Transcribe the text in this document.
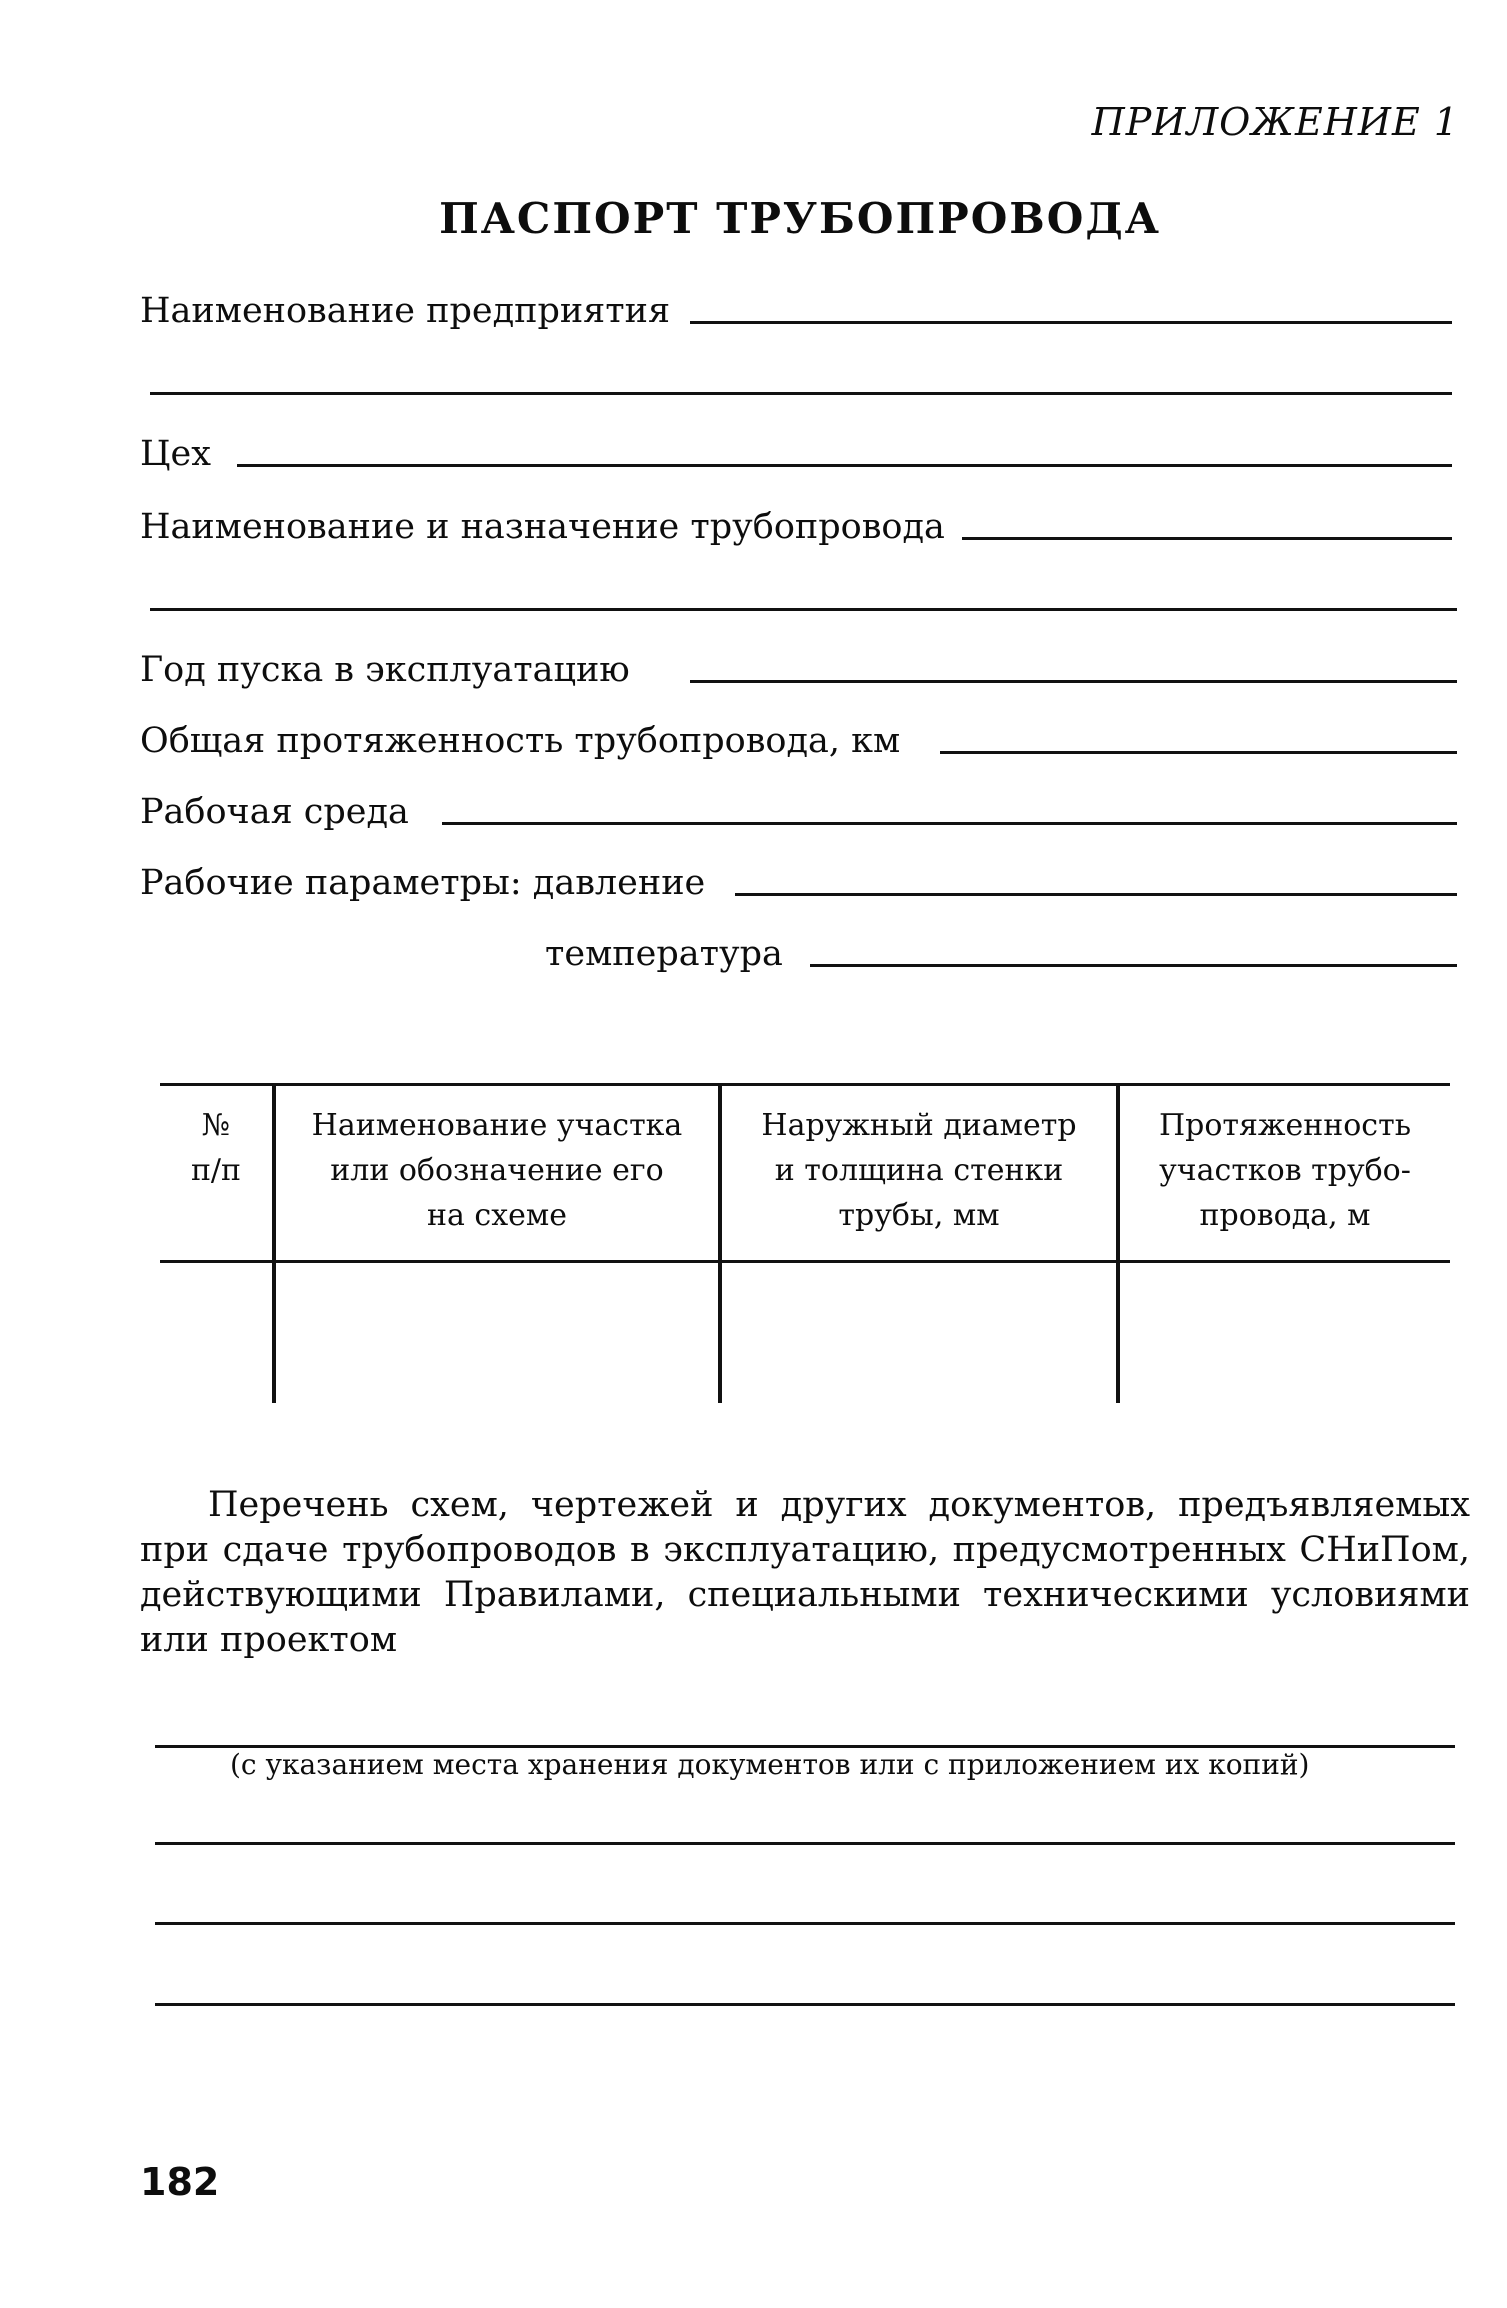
ПРИЛОЖЕНИЕ 1
ПАСПОРТ ТРУБОПРОВОДА
Наименование предприятия
Цех
Наименование и назначение трубопровода
Год пуска в эксплуатацию
Общая протяженность трубопровода, км
Рабочая среда
Рабочие параметры: давление
температура
№
п/п
Наименование участка
или обозначение его
на схеме
Наружный диаметр
и толщина стенки
трубы, мм
Протяженность
участков трубо-
провода, м
Перечень схем, чертежей и других документов, предъявляемых при сдаче трубопроводов в эксплуатацию, предусмотренных СНиПом, действующими Правилами, специальными техническими условиями или проектом
(с указанием места хранения документов или с приложением их копий)
182
